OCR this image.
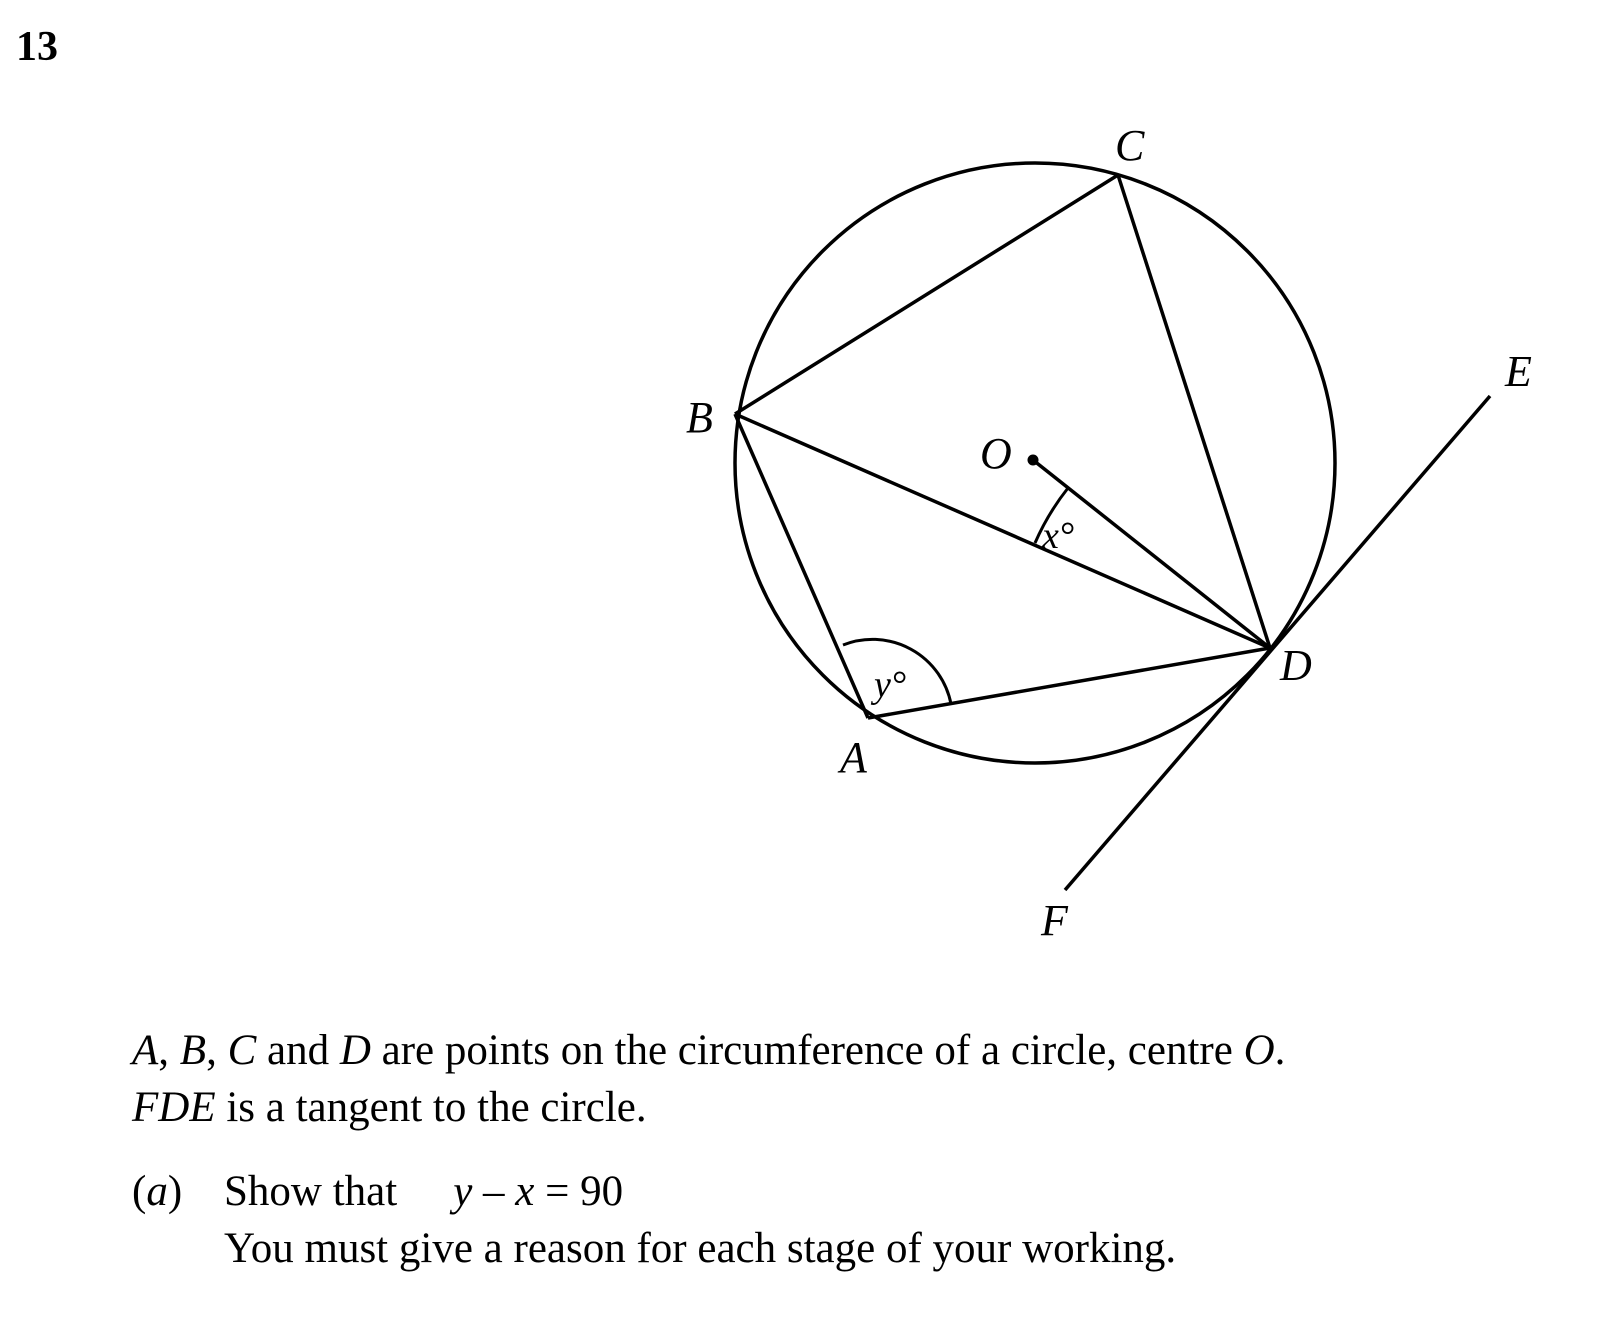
13
C
B
O
E
D
A
F
x°
y°
A, B, C and D are points on the circumference of a circle, centre O.
FDE is a tangent to the circle.
(a) Show that y – x = 90
You must give a reason for each stage of your working.
